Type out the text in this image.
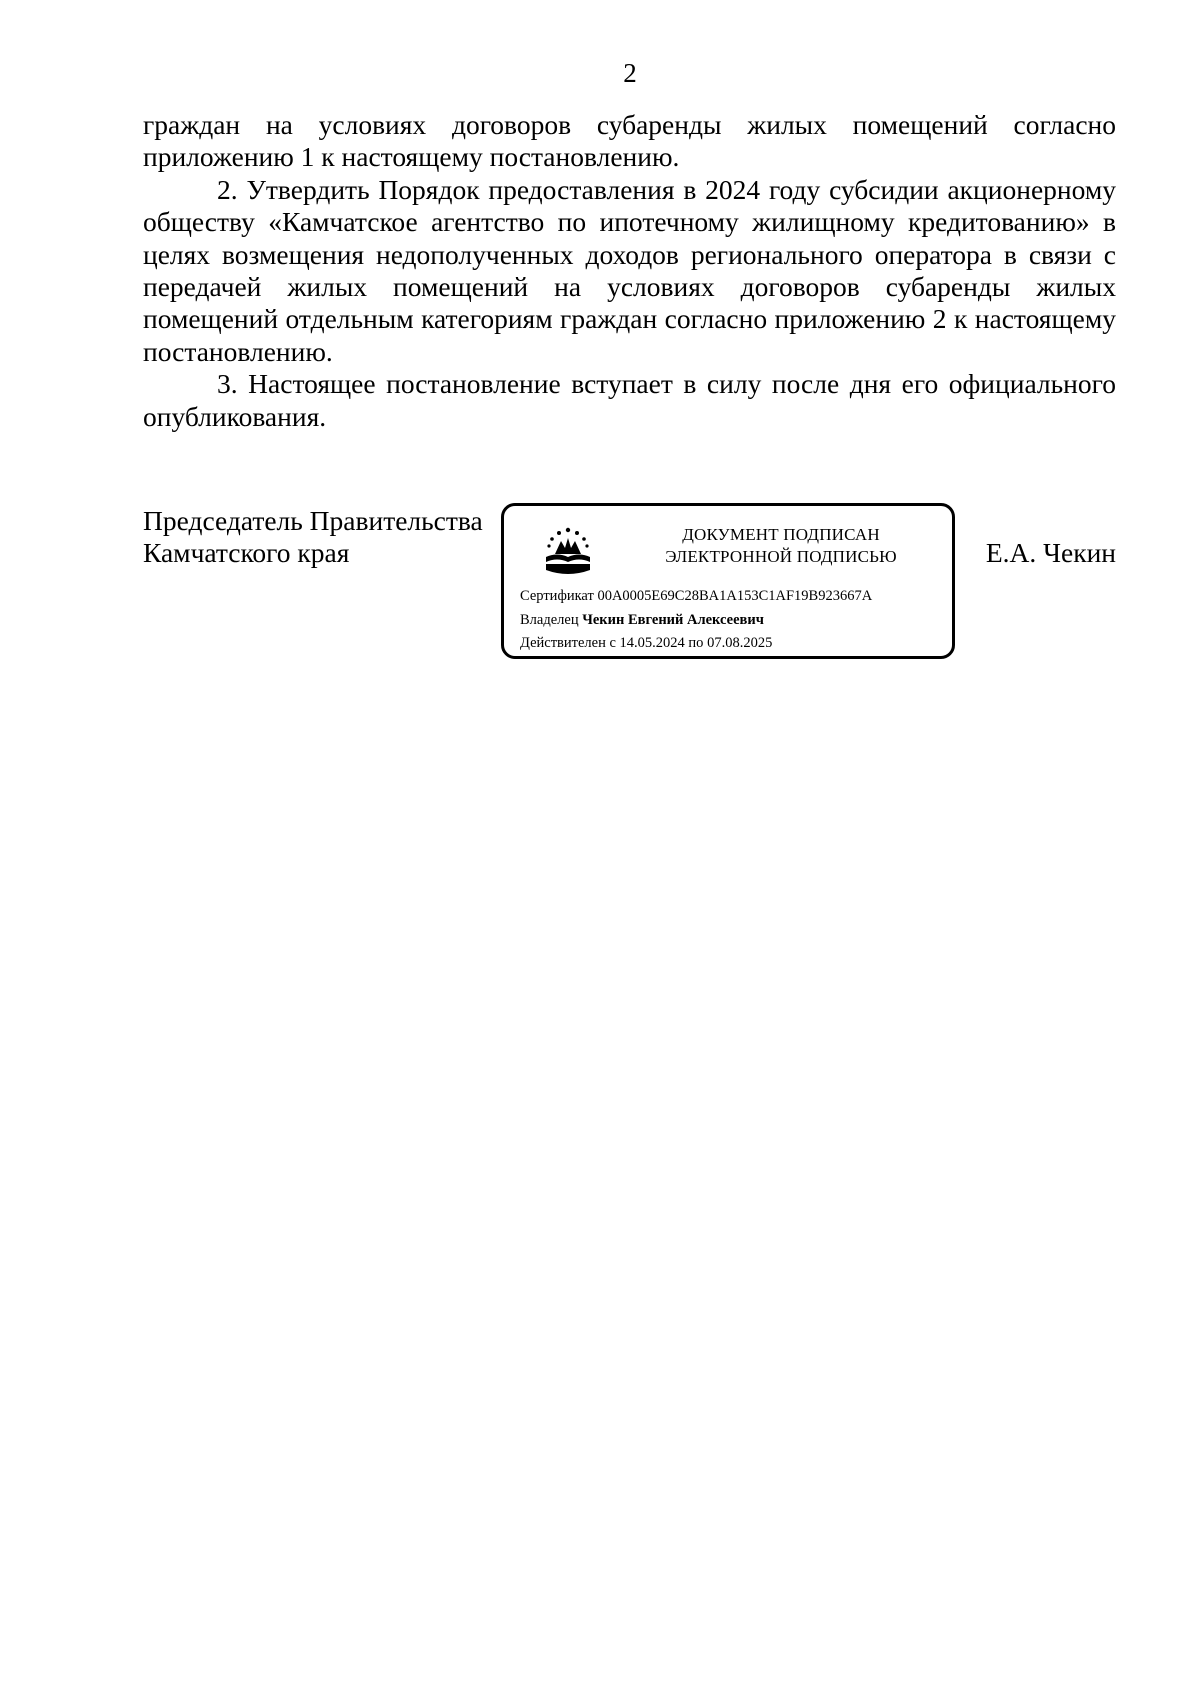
2

граждан на условиях договоров субаренды жилых помещений согласно приложению 1 к настоящему постановлению.

2. Утвердить Порядок предоставления в 2024 году субсидии акционерному обществу «Камчатское агентство по ипотечному жилищному кредитованию» в целях возмещения недополученных доходов регионального оператора в связи с передачей жилых помещений на условиях договоров субаренды жилых помещений отдельным категориям граждан согласно приложению 2 к настоящему постановлению.

3. Настоящее постановление вступает в силу после дня его официального опубликования.

Председатель Правительства
Камчатского края
ДОКУМЕНТ ПОДПИСАН
ЭЛЕКТРОННОЙ ПОДПИСЬЮ
Сертификат 00A0005E69C28BA1A153C1AF19B923667A
Владелец Чекин Евгений Алексеевич
Действителен с 14.05.2024 по 07.08.2025
Е.А. Чекин
